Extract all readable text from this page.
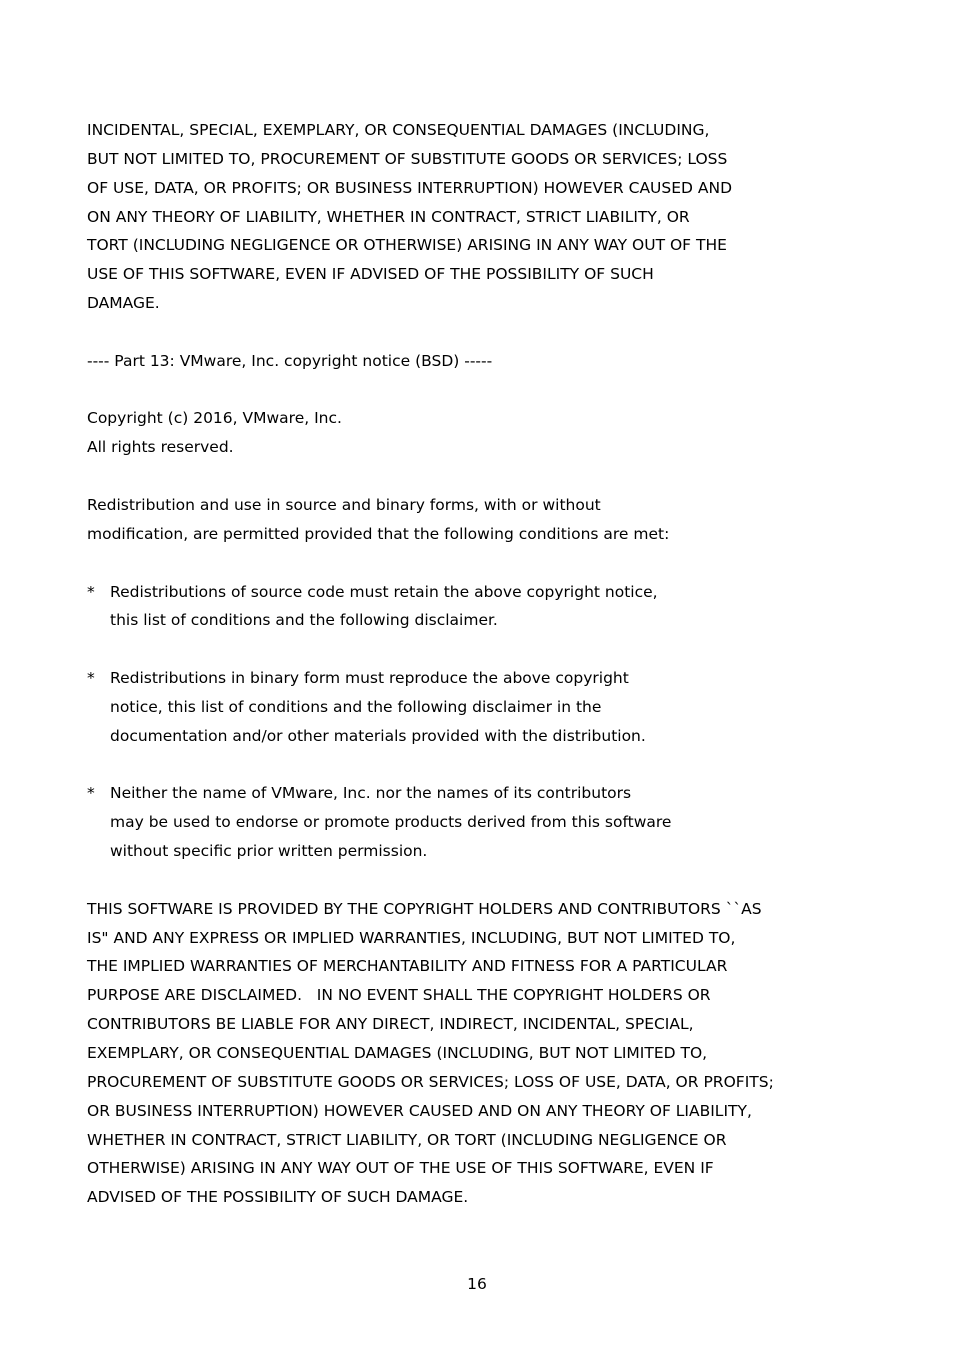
INCIDENTAL, SPECIAL, EXEMPLARY, OR CONSEQUENTIAL DAMAGES (INCLUDING,
BUT NOT LIMITED TO, PROCUREMENT OF SUBSTITUTE GOODS OR SERVICES; LOSS
OF USE, DATA, OR PROFITS; OR BUSINESS INTERRUPTION) HOWEVER CAUSED AND
ON ANY THEORY OF LIABILITY, WHETHER IN CONTRACT, STRICT LIABILITY, OR
TORT (INCLUDING NEGLIGENCE OR OTHERWISE) ARISING IN ANY WAY OUT OF THE
USE OF THIS SOFTWARE, EVEN IF ADVISED OF THE POSSIBILITY OF SUCH
DAMAGE.
---- Part 13: VMware, Inc. copyright notice (BSD) -----
Copyright (c) 2016, VMware, Inc.
All rights reserved.
Redistribution and use in source and binary forms, with or without
modification, are permitted provided that the following conditions are met:

*

Redistributions of source code must retain the above copyright notice,

this list of conditions and the following disclaimer.

*

Redistributions in binary form must reproduce the above copyright

notice, this list of conditions and the following disclaimer in the

documentation and/or other materials provided with the distribution.

*

Neither the name of VMware, Inc. nor the names of its contributors

may be used to endorse or promote products derived from this software

without specific prior written permission.

THIS SOFTWARE IS PROVIDED BY THE COPYRIGHT HOLDERS AND CONTRIBUTORS ``AS
IS" AND ANY EXPRESS OR IMPLIED WARRANTIES, INCLUDING, BUT NOT LIMITED TO,
THE IMPLIED WARRANTIES OF MERCHANTABILITY AND FITNESS FOR A PARTICULAR
PURPOSE ARE DISCLAIMED.   IN NO EVENT SHALL THE COPYRIGHT HOLDERS OR
CONTRIBUTORS BE LIABLE FOR ANY DIRECT, INDIRECT, INCIDENTAL, SPECIAL,
EXEMPLARY, OR CONSEQUENTIAL DAMAGES (INCLUDING, BUT NOT LIMITED TO,
PROCUREMENT OF SUBSTITUTE GOODS OR SERVICES; LOSS OF USE, DATA, OR PROFITS;
OR BUSINESS INTERRUPTION) HOWEVER CAUSED AND ON ANY THEORY OF LIABILITY,
WHETHER IN CONTRACT, STRICT LIABILITY, OR TORT (INCLUDING NEGLIGENCE OR
OTHERWISE) ARISING IN ANY WAY OUT OF THE USE OF THIS SOFTWARE, EVEN IF
ADVISED OF THE POSSIBILITY OF SUCH DAMAGE.
16
